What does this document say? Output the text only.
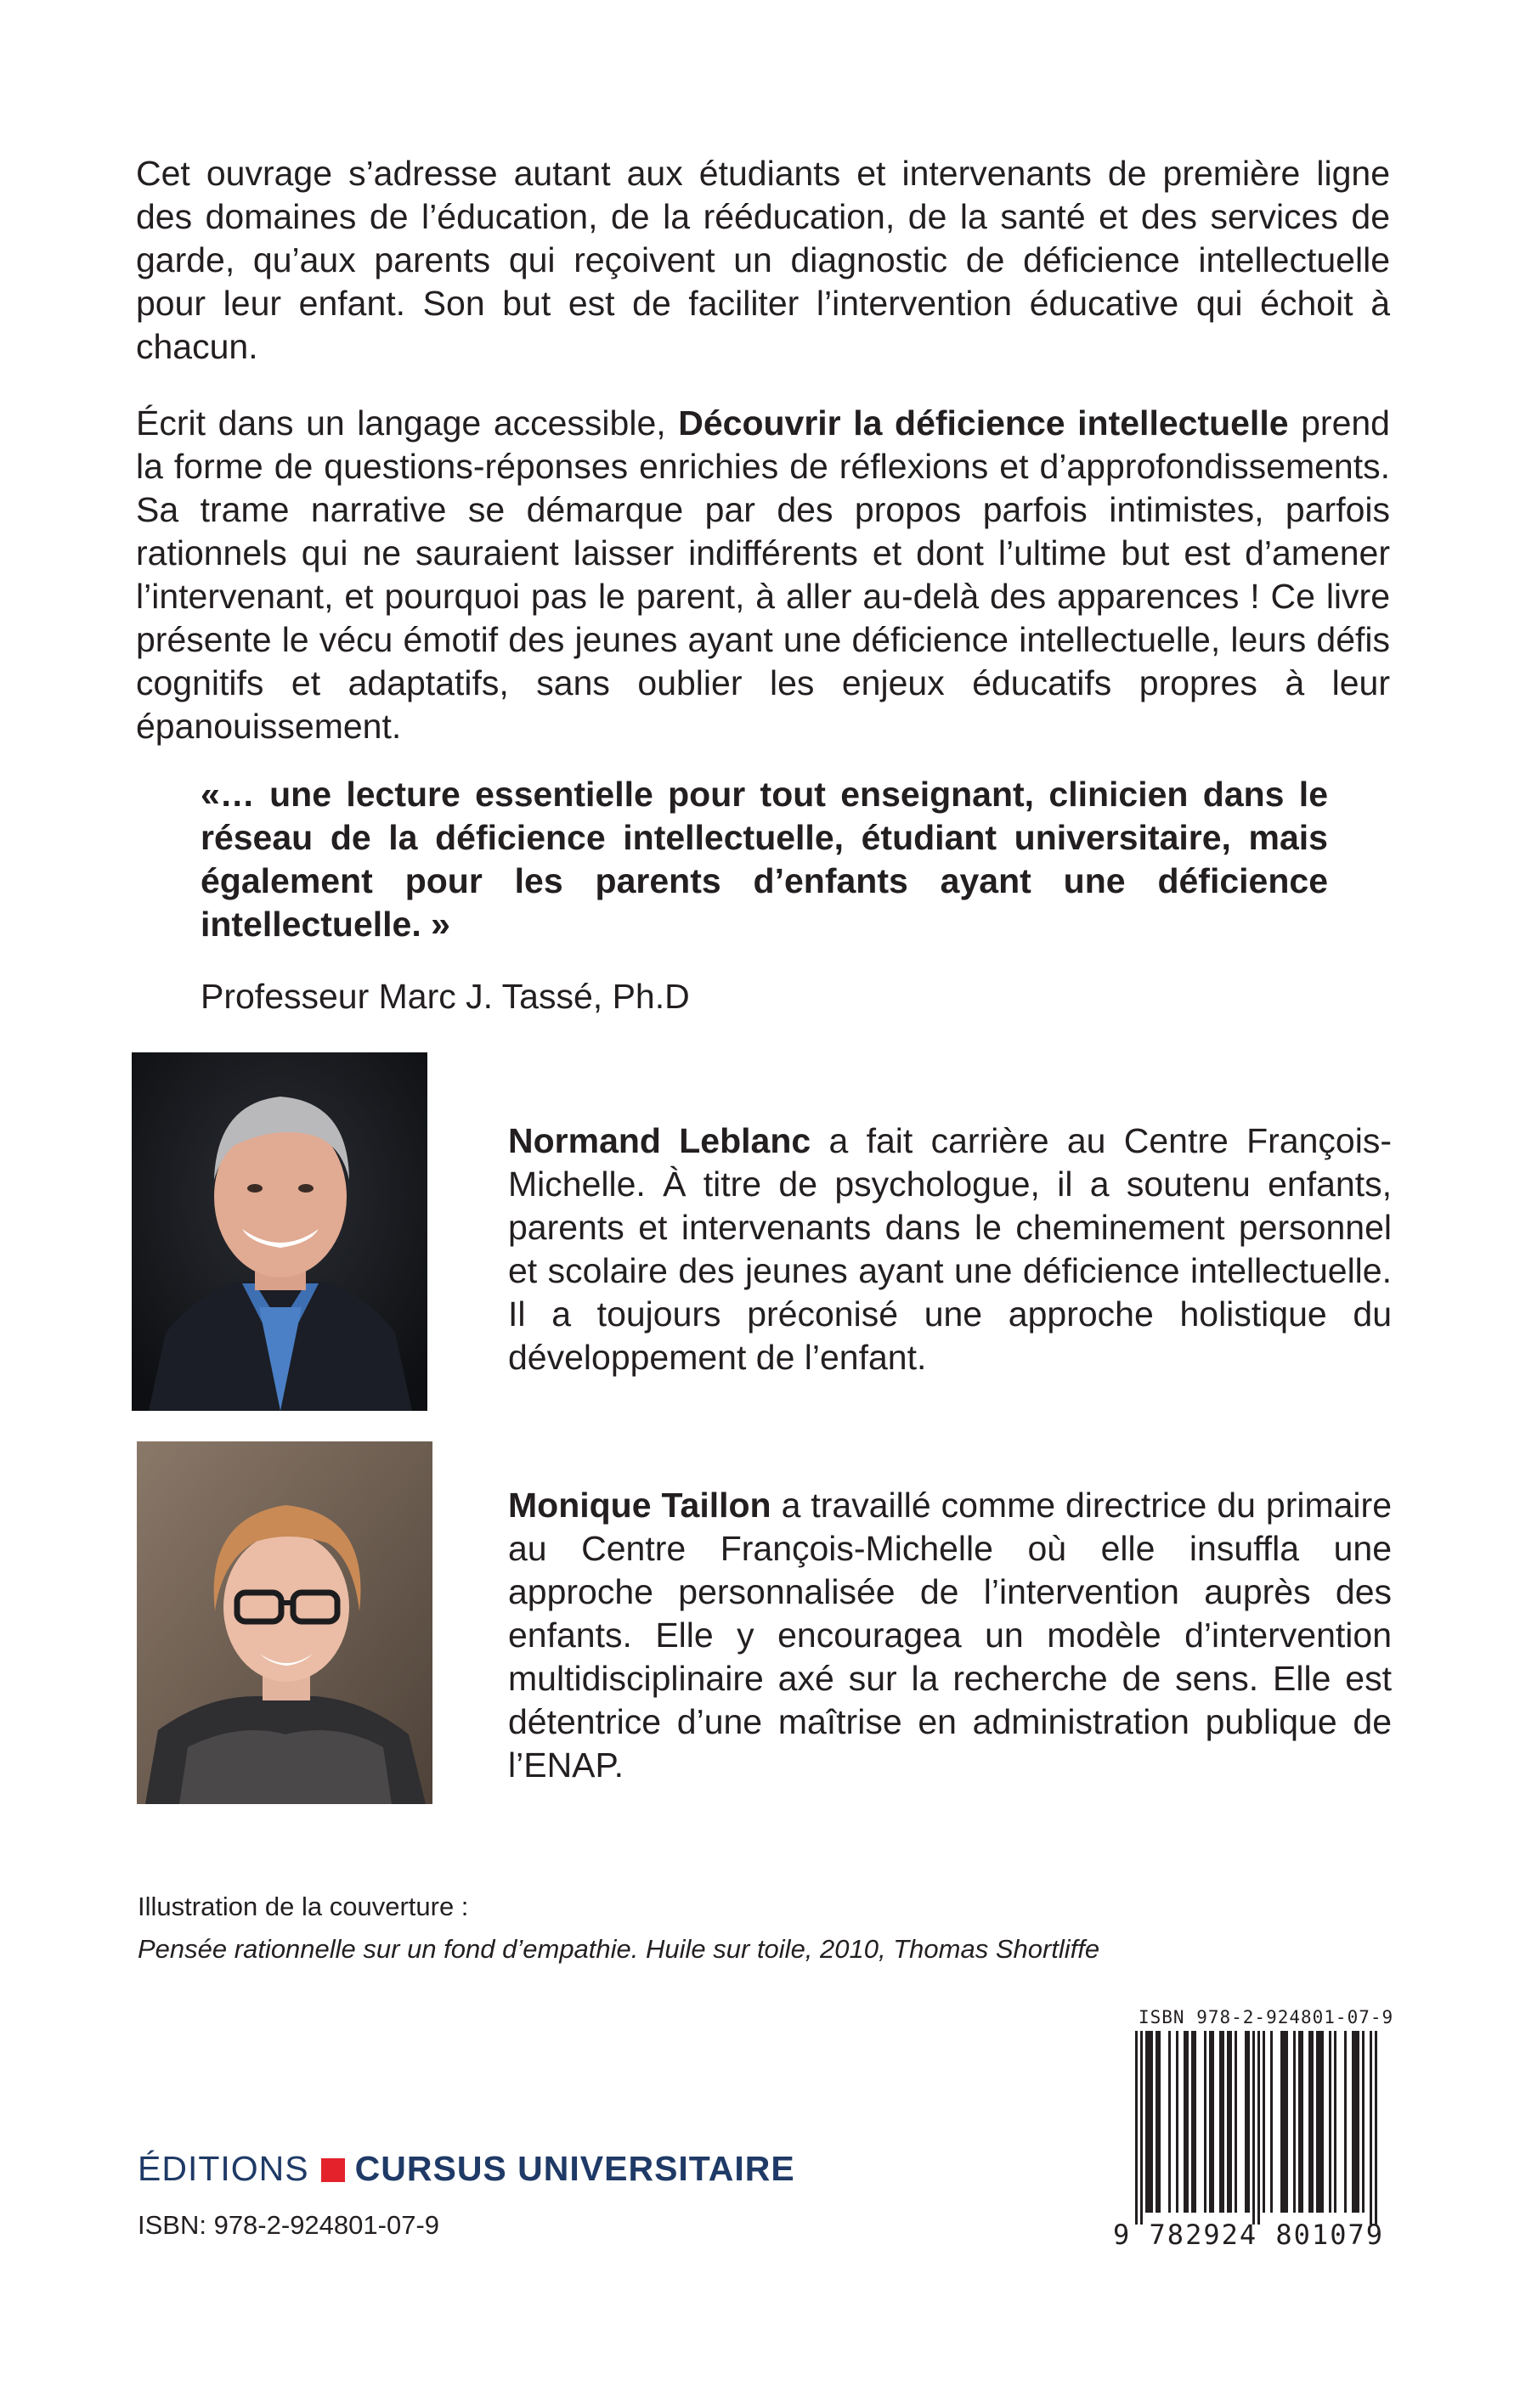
Cet ouvrage s’adresse autant aux étudiants et intervenants de première ligne des domaines de l’éducation, de la rééducation, de la santé et des services de garde, qu’aux parents qui reçoivent un diagnostic de déficience intellectuelle pour leur enfant. Son but est de faciliter l’intervention éducative qui échoit à chacun.

Écrit dans un langage accessible, Découvrir la déficience intellectuelle prend la forme de questions-réponses enrichies de réflexions et d’approfondissements. Sa trame narrative se démarque par des propos parfois intimistes, parfois rationnels qui ne sauraient laisser indifférents et dont l’ultime but est d’amener l’intervenant, et pourquoi pas le parent, à aller au-delà des apparences ! Ce livre présente le vécu émotif des jeunes ayant une déficience intellectuelle, leurs défis cognitifs et adaptatifs, sans oublier les enjeux éducatifs propres à leur épanouissement.

«… une lecture essentielle pour tout enseignant, clinicien dans le réseau de la déficience intellectuelle, étudiant universitaire, mais également pour les parents d’enfants ayant une déficience intellectuelle. »

Professeur Marc J. Tassé, Ph.D

Normand Leblanc a fait carrière au Centre François-Michelle. À titre de psychologue, il a soutenu enfants, parents et intervenants dans le cheminement personnel et scolaire des jeunes ayant une déficience intellectuelle. Il a toujours préconisé une approche holistique du développement de l’enfant.

Monique Taillon a travaillé comme directrice du primaire au Centre François-Michelle où elle insuffla une approche personnalisée de l’intervention auprès des enfants. Elle y encouragea un modèle d’intervention multidisciplinaire axé sur la recherche de sens. Elle est détentrice d’une maîtrise en administration publique de l’ENAP.

Illustration de la couverture :

Pensée rationnelle sur un fond d’empathie. Huile sur toile, 2010, Thomas Shortliffe

ÉDITIONS CURSUS UNIVERSITAIRE

ISBN: 978-2-924801-07-9

ISBN 978-2-924801-07-9
9 782924 801079
